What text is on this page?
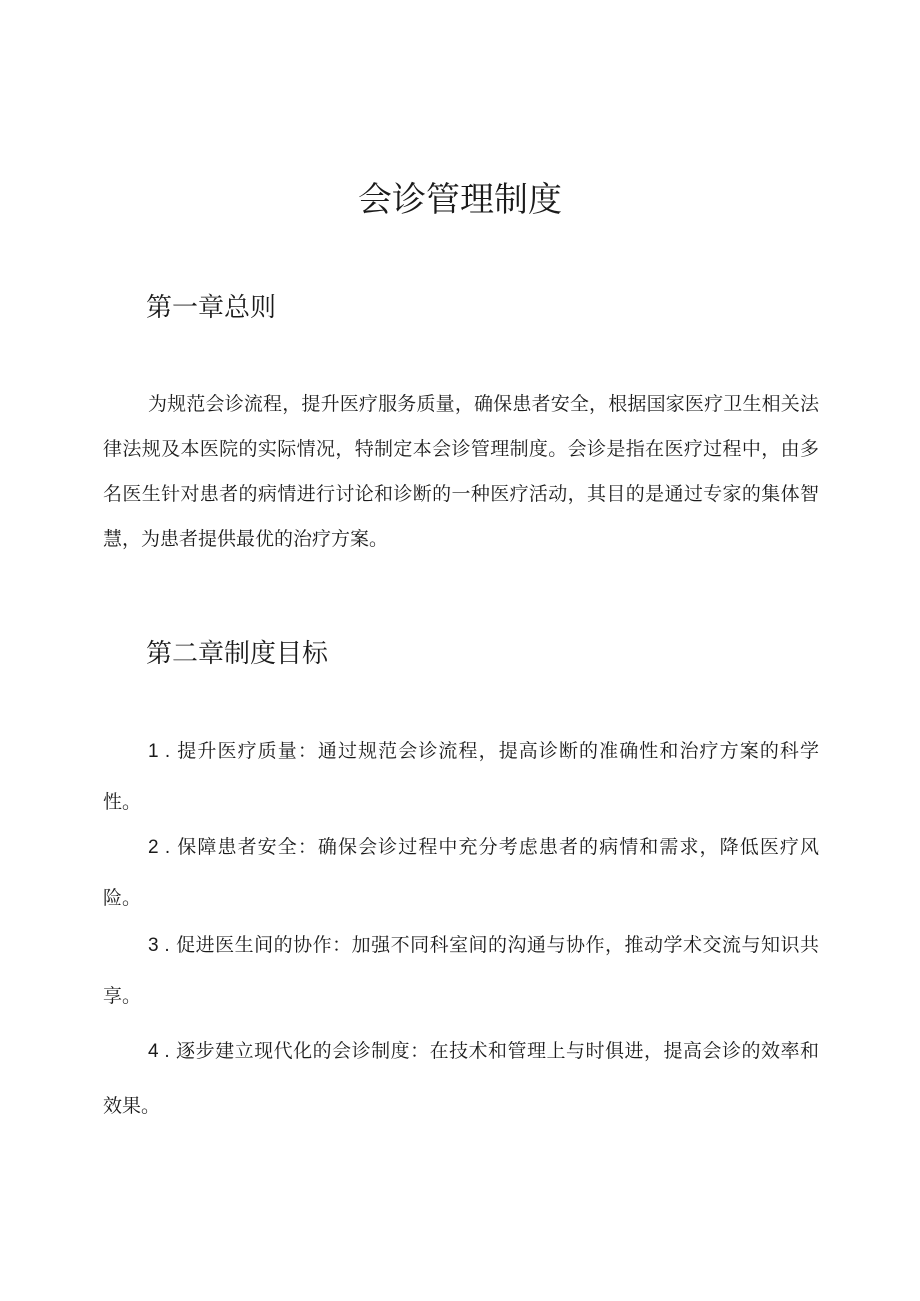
会诊管理制度
第一章总则

为规范会诊流程，提升医疗服务质量，确保患者安全，根据国家医疗卫生相关法律法规及本医院的实际情况，特制定本会诊管理制度。会诊是指在医疗过程中，由多名医生针对患者的病情进行讨论和诊断的一种医疗活动，其目的是通过专家的集体智慧，为患者提供最优的治疗方案。

第二章制度目标

1 . 提升医疗质量：通过规范会诊流程，提高诊断的准确性和治疗方案的科学性。

2 . 保障患者安全：确保会诊过程中充分考虑患者的病情和需求，降低医疗风险。

3 . 促进医生间的协作：加强不同科室间的沟通与协作，推动学术交流与知识共享。

4 . 逐步建立现代化的会诊制度：在技术和管理上与时俱进，提高会诊的效率和效果。
